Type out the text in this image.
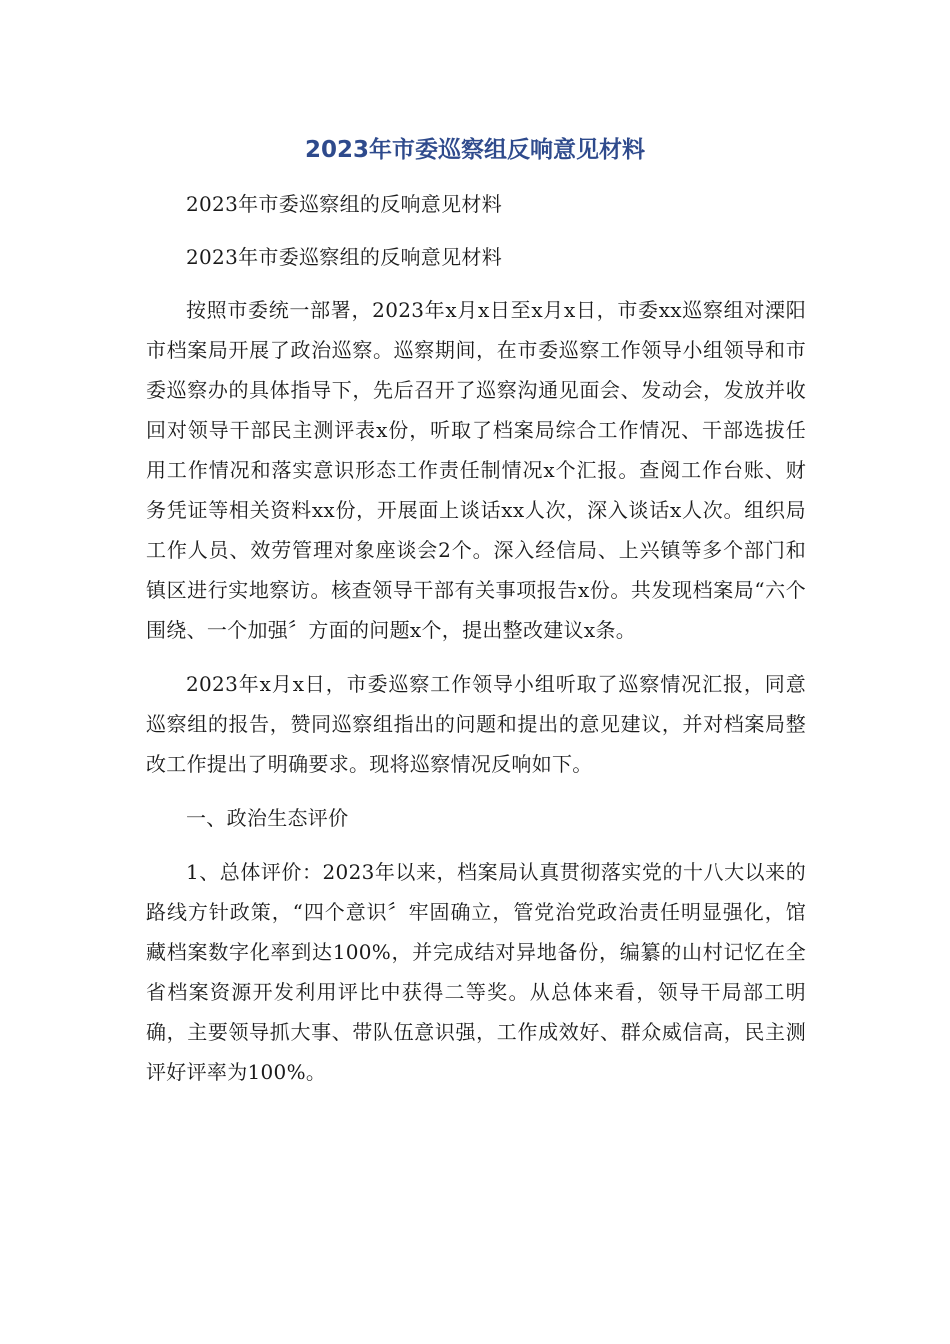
2023年市委巡察组反响意见材料

2023年市委巡察组的反响意见材料

2023年市委巡察组的反响意见材料

按照市委统一部署，2023年x月x日至x月x日，市委xx巡察组对溧阳市档案局开展了政治巡察。巡察期间，在市委巡察工作领导小组领导和市委巡察办的具体指导下，先后召开了巡察沟通见面会、发动会，发放并收回对领导干部民主测评表x份，听取了档案局综合工作情况、干部选拔任用工作情况和落实意识形态工作责任制情况x个汇报。查阅工作台账、财务凭证等相关资料xx份，开展面上谈话xx人次，深入谈话x人次。组织局工作人员、效劳管理对象座谈会2个。深入经信局、上兴镇等多个部门和镇区进行实地察访。核查领导干部有关事项报告x份。共发现档案局“六个围绕、一个加强〞方面的问题x个，提出整改建议x条。

2023年x月x日，市委巡察工作领导小组听取了巡察情况汇报，同意巡察组的报告，赞同巡察组指出的问题和提出的意见建议，并对档案局整改工作提出了明确要求。现将巡察情况反响如下。

一、政治生态评价

1、总体评价：2023年以来，档案局认真贯彻落实党的十八大以来的路线方针政策，“四个意识〞牢固确立，管党治党政治责任明显强化，馆藏档案数字化率到达100%，并完成结对异地备份，编纂的山村记忆在全省档案资源开发利用评比中获得二等奖。从总体来看，领导干局部工明确，主要领导抓大事、带队伍意识强，工作成效好、群众威信高，民主测评好评率为100%。
